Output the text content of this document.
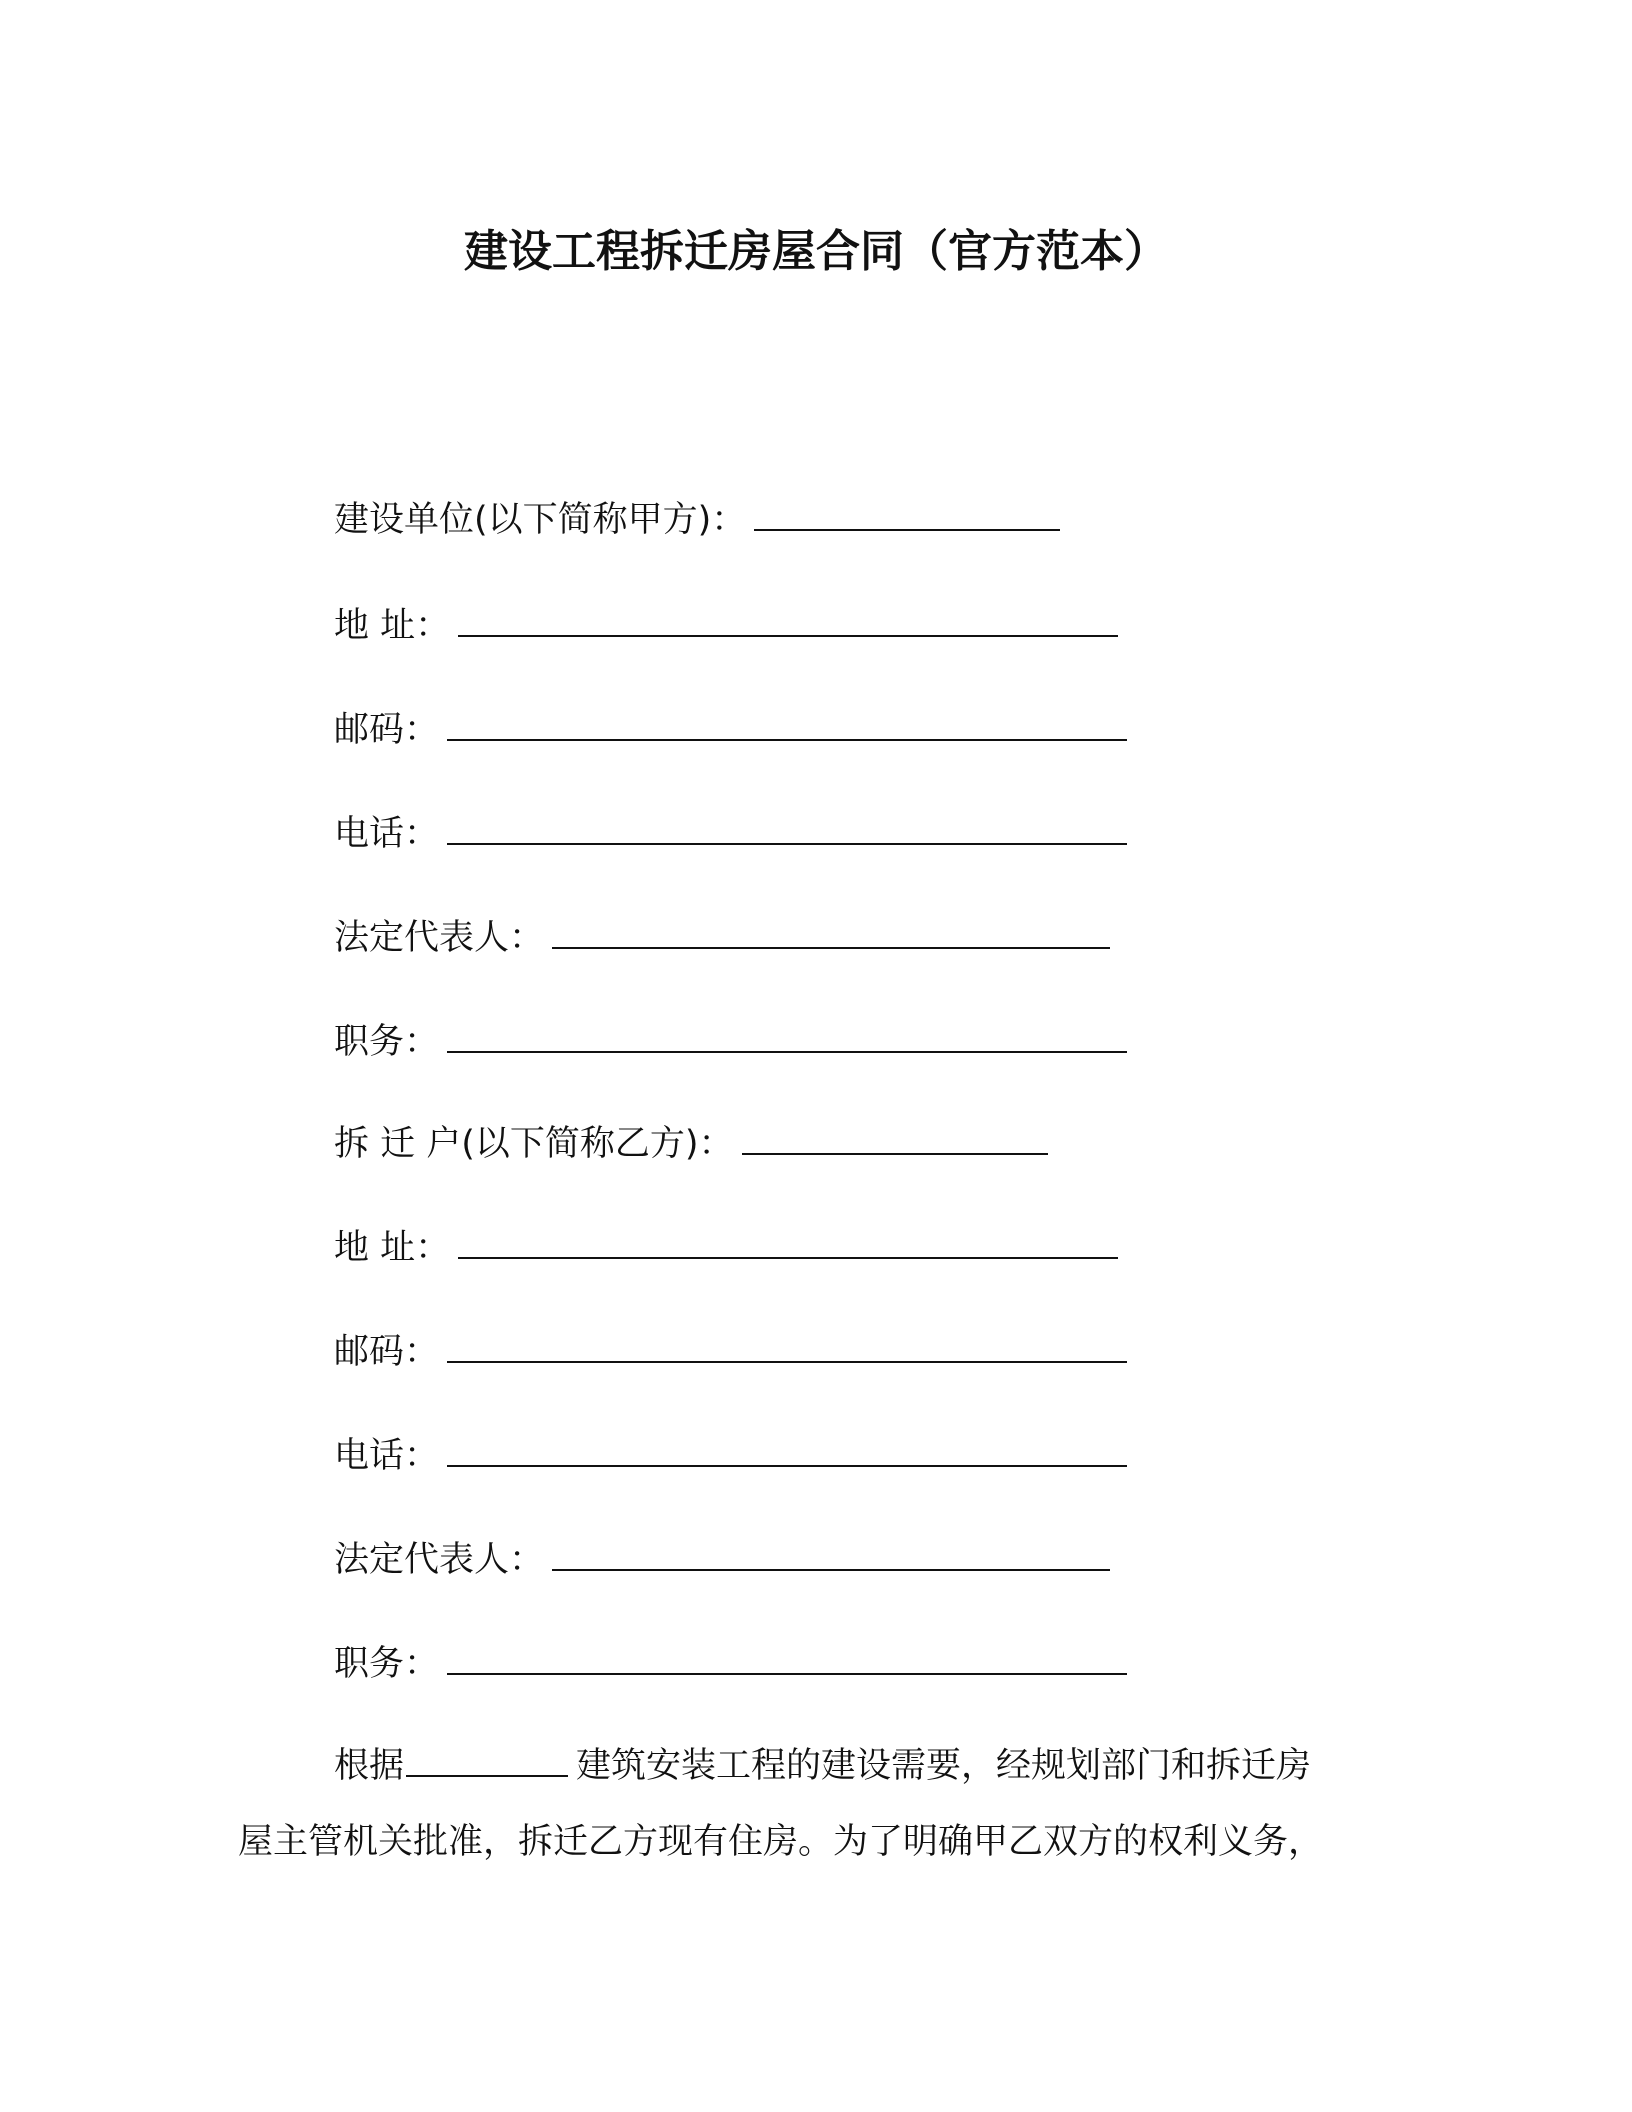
建设工程拆迁房屋合同（官方范本）
建设单位(以下简称甲方)：
地 址：
邮码：
电话：
法定代表人：
职务：
拆 迁 户(以下简称乙方)：
地 址：
邮码：
电话：
法定代表人：
职务：
根据	建筑安装工程的建设需要，经规划部门和拆迁房
屋主管机关批准，拆迁乙方现有住房。为了明确甲乙双方的权利义务，
